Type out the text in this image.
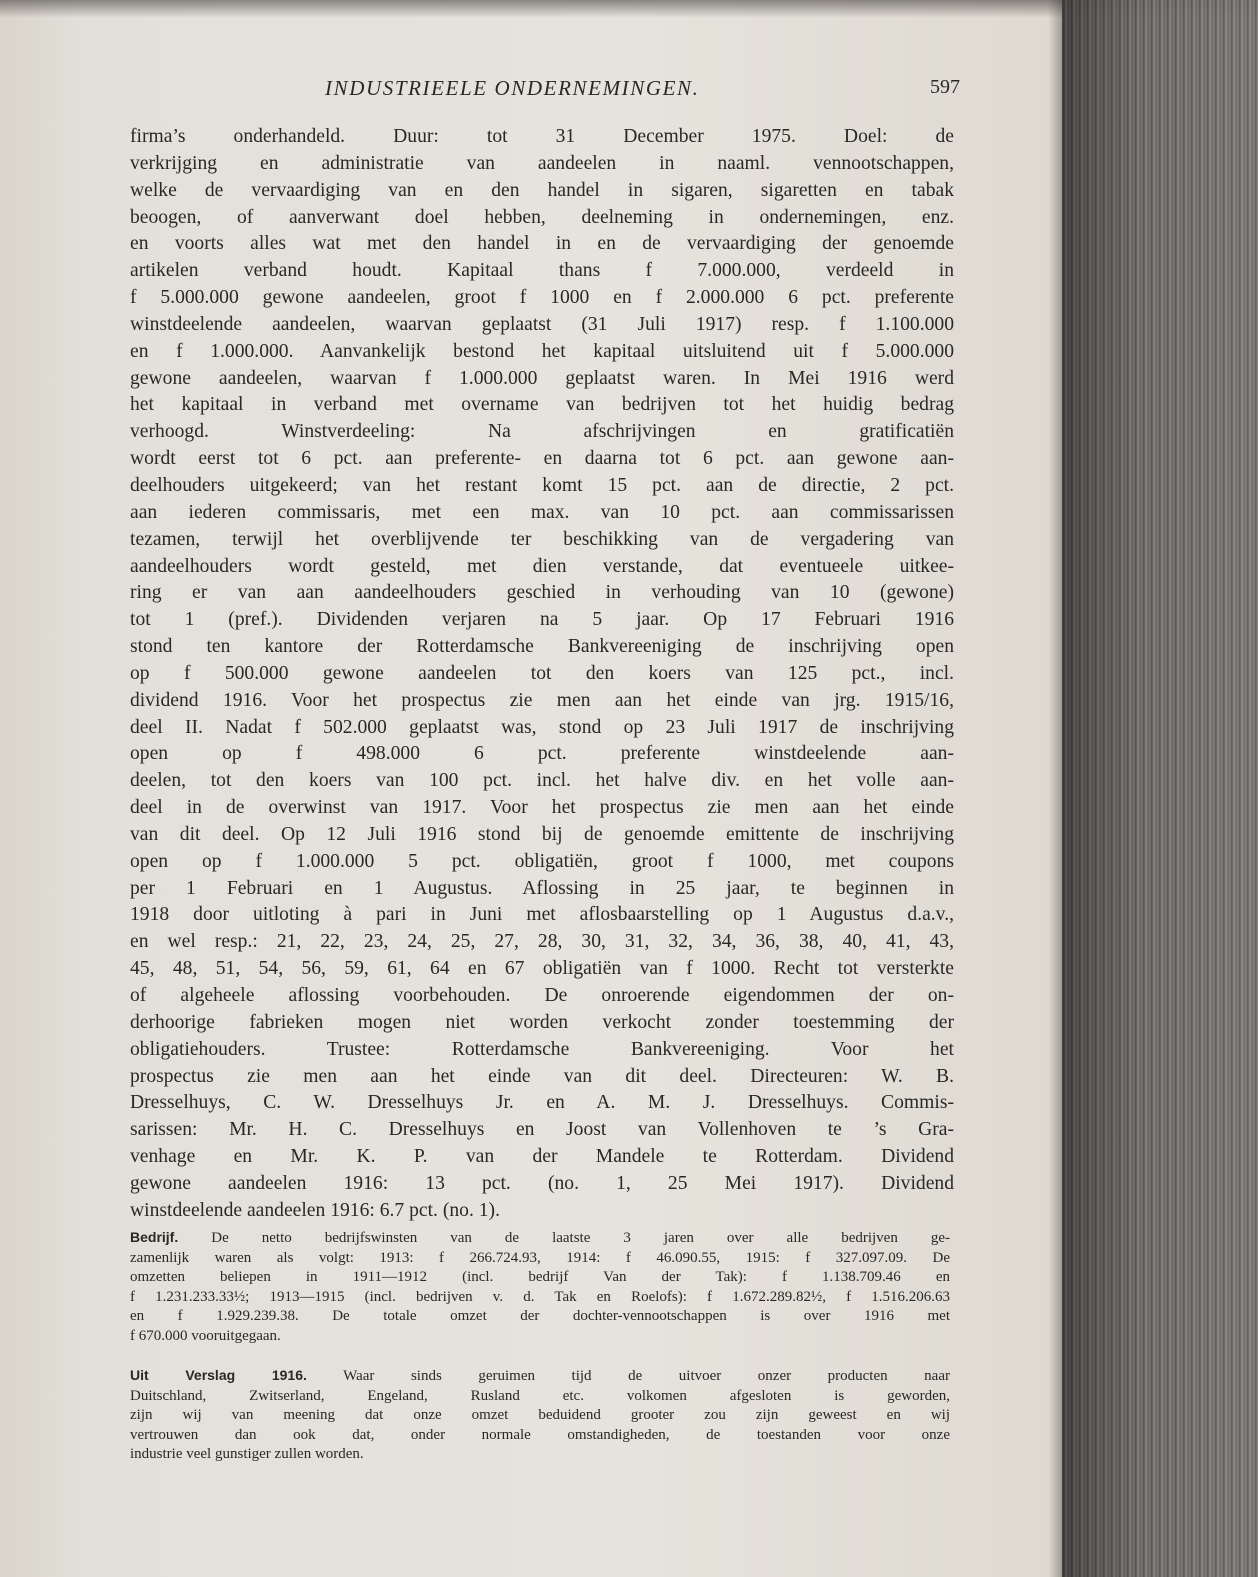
INDUSTRIEELE ONDERNEMINGEN.	597

firma’s onderhandeld. Duur: tot 31 December 1975. Doel: de
verkrijging en administratie van aandeelen in naaml. vennootschappen,
welke de vervaardiging van en den handel in sigaren, sigaretten en tabak
beoogen, of aanverwant doel hebben, deelneming in ondernemingen, enz.
en voorts alles wat met den handel in en de vervaardiging der genoemde
artikelen verband houdt. Kapitaal thans f 7.000.000, verdeeld in
f 5.000.000 gewone aandeelen, groot f 1000 en f 2.000.000 6 pct. preferente
winstdeelende aandeelen, waarvan geplaatst (31 Juli 1917) resp. f 1.100.000
en f 1.000.000. Aanvankelijk bestond het kapitaal uitsluitend uit f 5.000.000
gewone aandeelen, waarvan f 1.000.000 geplaatst waren. In Mei 1916 werd
het kapitaal in verband met overname van bedrijven tot het huidig bedrag
verhoogd. Winstverdeeling: Na afschrijvingen en gratificatiën
wordt eerst tot 6 pct. aan preferente- en daarna tot 6 pct. aan gewone aan-
deelhouders uitgekeerd; van het restant komt 15 pct. aan de directie, 2 pct.
aan iederen commissaris, met een max. van 10 pct. aan commissarissen
tezamen, terwijl het overblijvende ter beschikking van de vergadering van
aandeelhouders wordt gesteld, met dien verstande, dat eventueele uitkee-
ring er van aan aandeelhouders geschied in verhouding van 10 (gewone)
tot 1 (pref.). Dividenden verjaren na 5 jaar. Op 17 Februari 1916
stond ten kantore der Rotterdamsche Bankvereeniging de inschrijving open
op f 500.000 gewone aandeelen tot den koers van 125 pct., incl.
dividend 1916. Voor het prospectus zie men aan het einde van jrg. 1915/16,
deel II. Nadat f 502.000 geplaatst was, stond op 23 Juli 1917 de inschrijving
open op f 498.000 6 pct. preferente winstdeelende aan-
deelen, tot den koers van 100 pct. incl. het halve div. en het volle aan-
deel in de overwinst van 1917. Voor het prospectus zie men aan het einde
van dit deel. Op 12 Juli 1916 stond bij de genoemde emittente de inschrijving
open op f 1.000.000 5 pct. obligatiën, groot f 1000, met coupons
per 1 Februari en 1 Augustus. Aflossing in 25 jaar, te beginnen in
1918 door uitloting à pari in Juni met aflosbaarstelling op 1 Augustus d.a.v.,
en wel resp.: 21, 22, 23, 24, 25, 27, 28, 30, 31, 32, 34, 36, 38, 40, 41, 43,
45, 48, 51, 54, 56, 59, 61, 64 en 67 obligatiën van f 1000. Recht tot versterkte
of algeheele aflossing voorbehouden. De onroerende eigendommen der on-
derhoorige fabrieken mogen niet worden verkocht zonder toestemming der
obligatiehouders. Trustee: Rotterdamsche Bankvereeniging. Voor het
prospectus zie men aan het einde van dit deel. Directeuren: W. B.
Dresselhuys, C. W. Dresselhuys Jr. en A. M. J. Dresselhuys. Commis-
sarissen: Mr. H. C. Dresselhuys en Joost van Vollenhoven te ’s Gra-
venhage en Mr. K. P. van der Mandele te Rotterdam. Dividend
gewone aandeelen 1916: 13 pct. (no. 1, 25 Mei 1917). Dividend
winstdeelende aandeelen 1916: 6.7 pct. (no. 1).

Bedrijf. De netto bedrijfswinsten van de laatste 3 jaren over alle bedrijven ge-
zamenlijk waren als volgt: 1913: f 266.724.93, 1914: f 46.090.55, 1915: f 327.097.09. De
omzetten beliepen in 1911—1912 (incl. bedrijf Van der Tak): f 1.138.709.46 en
f 1.231.233.33½; 1913—1915 (incl. bedrijven v. d. Tak en Roelofs): f 1.672.289.82½, f 1.516.206.63
en f 1.929.239.38. De totale omzet der dochter-vennootschappen is over 1916 met
f 670.000 vooruitgegaan.
Uit Verslag 1916. Waar sinds geruimen tijd de uitvoer onzer producten naar
Duitschland, Zwitserland, Engeland, Rusland etc. volkomen afgesloten is geworden,
zijn wij van meening dat onze omzet beduidend grooter zou zijn geweest en wij
vertrouwen dan ook dat, onder normale omstandigheden, de toestanden voor onze
industrie veel gunstiger zullen worden.
